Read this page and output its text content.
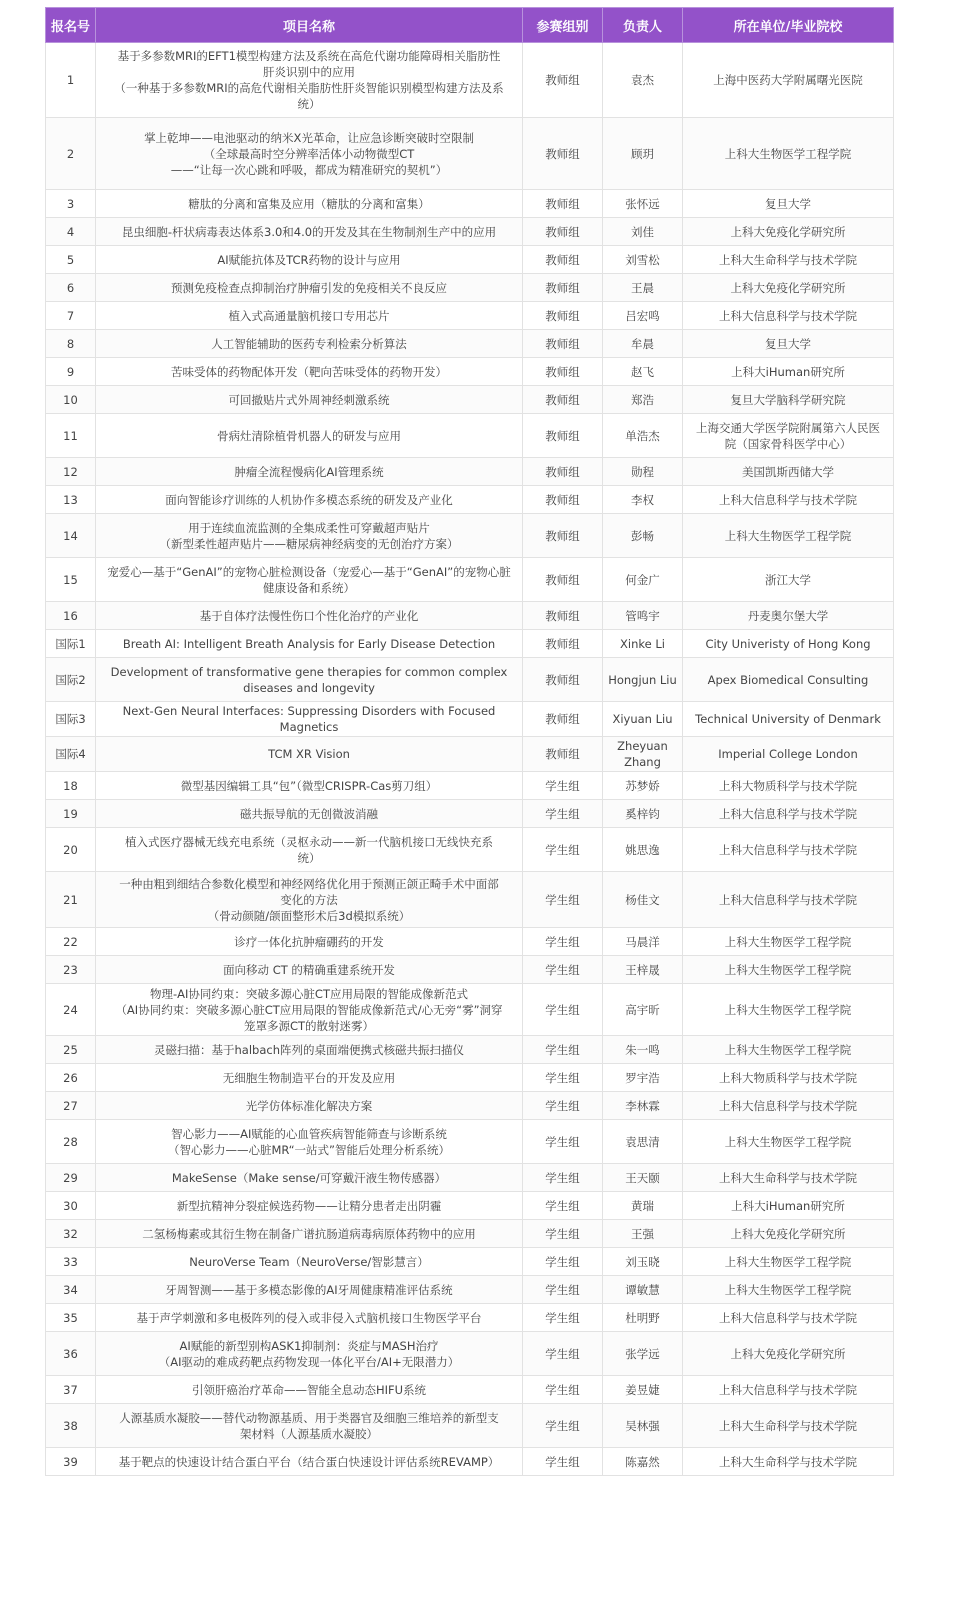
报名号	项目名称	参赛组别	负责人	所在单位/毕业院校
1	基于多参数MRI的EFT1模型构建方法及系统在高危代谢功能障碍相关脂肪性
肝炎识别中的应用
（一种基于多参数MRI的高危代谢相关脂肪性肝炎智能识别模型构建方法及系
统）	教师组	袁杰	上海中医药大学附属曙光医院

2	掌上乾坤——电池驱动的纳米X光革命，让应急诊断突破时空限制
（全球最高时空分辨率活体小动物微型CT
——“让每一次心跳和呼吸，都成为精准研究的契机”）	教师组	顾玥	上科大生物医学工程学院

3	糖肽的分离和富集及应用（糖肽的分离和富集）	教师组	张怀远	复旦大学

4	昆虫细胞-杆状病毒表达体系3.0和4.0的开发及其在生物制剂生产中的应用	教师组	刘佳	上科大免疫化学研究所

5	AI赋能抗体及TCR药物的设计与应用	教师组	刘雪松	上科大生命科学与技术学院

6	预测免疫检查点抑制治疗肿瘤引发的免疫相关不良反应	教师组	王晨	上科大免疫化学研究所

7	植入式高通量脑机接口专用芯片	教师组	吕宏鸣	上科大信息科学与技术学院

8	人工智能辅助的医药专利检索分析算法	教师组	牟晨	复旦大学

9	苦味受体的药物配体开发（靶向苦味受体的药物开发）	教师组	赵飞	上科大iHuman研究所

10	可回撤贴片式外周神经刺激系统	教师组	郑浩	复旦大学脑科学研究院

11	骨病灶清除植骨机器人的研发与应用	教师组	单浩杰	上海交通大学医学院附属第六人民医
院（国家骨科医学中心）

12	肿瘤全流程慢病化AI管理系统	教师组	勋程	美国凯斯西储大学

13	面向智能诊疗训练的人机协作多模态系统的研发及产业化	教师组	李权	上科大信息科学与技术学院

14	用于连续血流监测的全集成柔性可穿戴超声贴片
（新型柔性超声贴片——糖尿病神经病变的无创治疗方案）	教师组	彭畅	上科大生物医学工程学院

15	宠爱心—基于“GenAI”的宠物心脏检测设备（宠爱心—基于“GenAI”的宠物心脏
健康设备和系统）	教师组	何金广	浙江大学

16	基于自体疗法慢性伤口个性化治疗的产业化	教师组	管鸣宇	丹麦奥尔堡大学

国际1	Breath AI: Intelligent Breath Analysis for Early Disease Detection	教师组	Xinke Li	City Univeristy of Hong Kong

国际2	Development of transformative gene therapies for common complex
diseases and longevity	教师组	Hongjun Liu	Apex Biomedical Consulting

国际3	Next-Gen Neural Interfaces: Suppressing Disorders with Focused Magnetics	教师组	Xiyuan Liu	Technical University of Denmark

国际4	TCM XR Vision	教师组	Zheyuan Zhang	Imperial College London

18	微型基因编辑工具“包”（微型CRISPR-Cas剪刀组）	学生组	苏梦娇	上科大物质科学与技术学院

19	磁共振导航的无创微波消融	学生组	奚梓钧	上科大信息科学与技术学院

20	植入式医疗器械无线充电系统（灵枢永动——新一代脑机接口无线快充系
统）	学生组	姚思逸	上科大信息科学与技术学院

21	一种由粗到细结合参数化模型和神经网络优化用于预测正颌正畸手术中面部
变化的方法
（骨动颜随/颌面整形术后3d模拟系统）	学生组	杨佳文	上科大信息科学与技术学院

22	诊疗一体化抗肿瘤硼药的开发	学生组	马晨洋	上科大生物医学工程学院

23	面向移动 CT 的精确重建系统开发	学生组	王梓晟	上科大生物医学工程学院

24	物理-AI协同约束：突破多源心脏CT应用局限的智能成像新范式
（AI协同约束：突破多源心脏CT应用局限的智能成像新范式/心无旁“雾”洞穿
笼罩多源CT的散射迷雾）	学生组	高宇昕	上科大生物医学工程学院

25	灵磁扫描：基于halbach阵列的桌面端便携式核磁共振扫描仪	学生组	朱一鸣	上科大生物医学工程学院

26	无细胞生物制造平台的开发及应用	学生组	罗宇浩	上科大物质科学与技术学院

27	光学仿体标准化解决方案	学生组	李林霖	上科大信息科学与技术学院

28	智心影力——AI赋能的心血管疾病智能筛查与诊断系统
（智心影力——心脏MR“一站式”智能后处理分析系统）	学生组	袁思清	上科大生物医学工程学院

29	MakeSense（Make sense/可穿戴汗液生物传感器）	学生组	王天颐	上科大生命科学与技术学院

30	新型抗精神分裂症候选药物——让精分患者走出阴霾	学生组	黄瑞	上科大iHuman研究所

32	二氢杨梅素或其衍生物在制备广谱抗肠道病毒病原体药物中的应用	学生组	王强	上科大免疫化学研究所

33	NeuroVerse Team（NeuroVerse/智影慧言）	学生组	刘玉晓	上科大生物医学工程学院

34	牙周智测——基于多模态影像的AI牙周健康精准评估系统	学生组	谭敏慧	上科大生物医学工程学院

35	基于声学刺激和多电极阵列的侵入或非侵入式脑机接口生物医学平台	学生组	杜明野	上科大信息科学与技术学院

36	AI赋能的新型别构ASK1抑制剂：炎症与MASH治疗
（AI驱动的难成药靶点药物发现一体化平台/AI+无限潜力）	学生组	张学远	上科大免疫化学研究所

37	引领肝癌治疗革命——智能全息动态HIFU系统	学生组	姜昱婕	上科大信息科学与技术学院

38	人源基质水凝胶——替代动物源基质、用于类器官及细胞三维培养的新型支
架材料（人源基质水凝胶）	学生组	吴林强	上科大生命科学与技术学院

39	基于靶点的快速设计结合蛋白平台（结合蛋白快速设计评估系统REVAMP）	学生组	陈嘉然	上科大生命科学与技术学院
